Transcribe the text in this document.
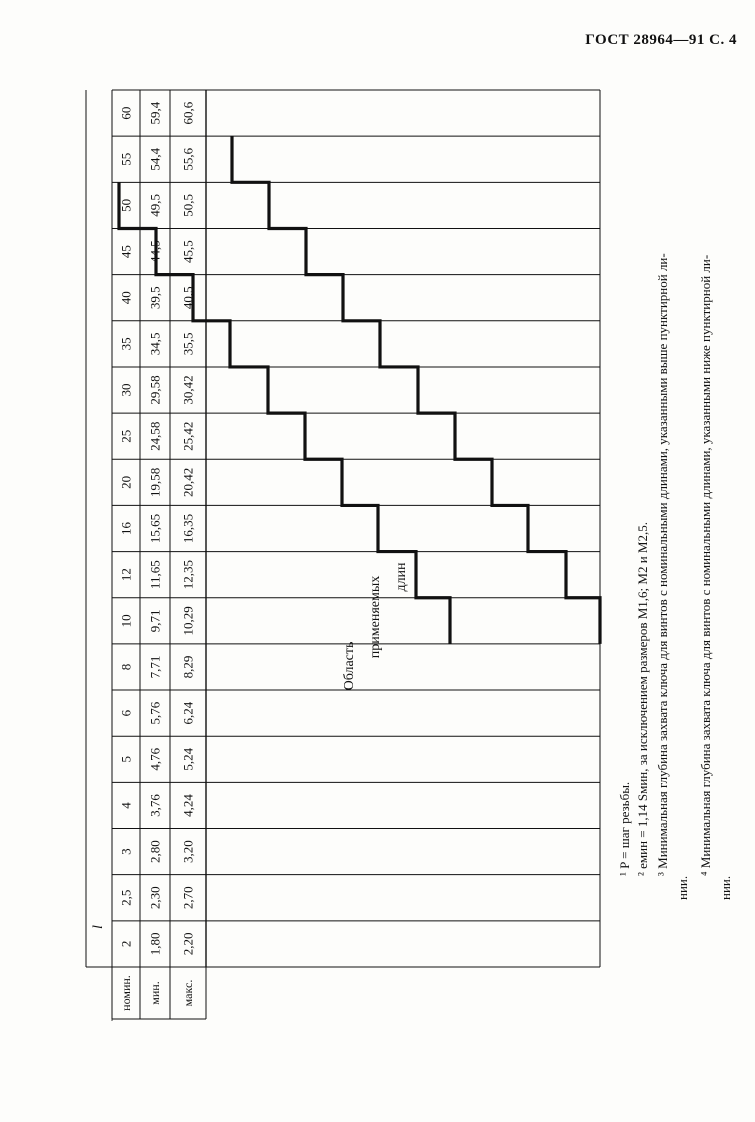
ГОСТ 28964—91 С. 4
l
номин. мин. макс.
2 1,80 2,20
2,5 2,30 2,70
3 2,80 3,20
4 3,76 4,24
5 4,76 5,24
6 5,76 6,24
8 7,71 8,29
10 9,71 10,29
12 11,65 12,35
16 15,65 16,35
20 19,58 20,42
25 24,58 25,42
30 29,58 30,42
35 34,5 35,5
40 39,5 40,5
45 44,5 45,5
50 49,5 50,5
55 54,4 55,6
60 59,4 60,6
Область
применяемых длин
¹ P = шаг резьбы. ² eмин = 1,14 Sмин, за исключением размеров M1,6; M2 и M2,5. ³ Минимальная глубина захвата ключа для винтов с номинальными длинами, указанными выше пунктирной ли-
нии.
⁴ Минимальная глубина захвата ключа для винтов с номинальными длинами, указанными ниже пунктирной ли-
нии.
